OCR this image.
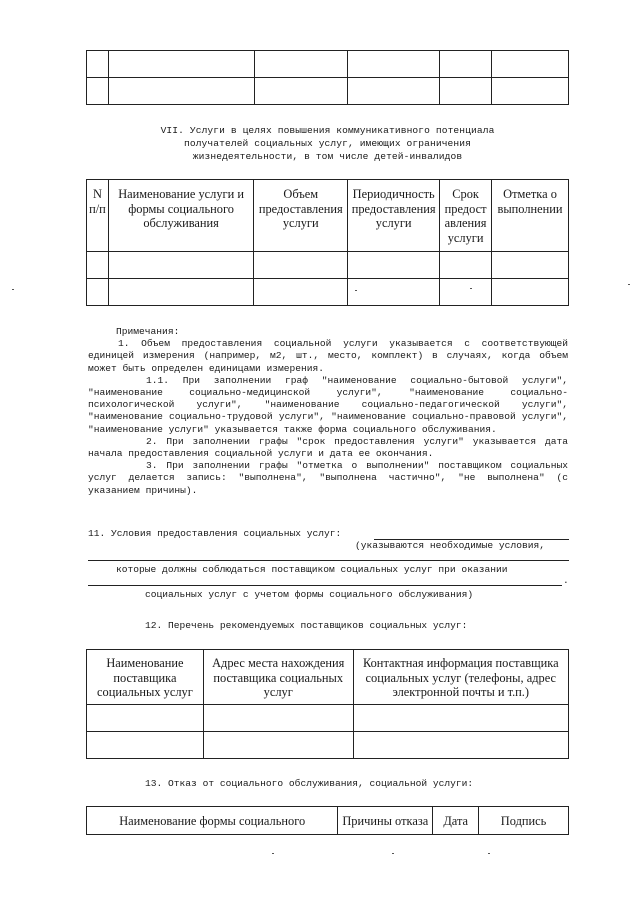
VII. Услуги в целях повышения коммуникативного потенциала
получателей социальных услуг, имеющих ограничения
жизнедеятельности, в том числе детей-инвалидов
N п/п	Наименование услуги и формы социального обслуживания	Объем предоставления услуги	Периодичность предоставления услуги	Срок предост авления услуги	Отметка о выполнении

Примечания:

1. Объем предоставления социальной услуги указывается с соответствующей единицей измерения (например, м2, шт., место, комплект) в случаях, когда объем может быть определен единицами измерения.

1.1. При заполнении граф "наименование социально-бытовой услуги", "наименование социально-медицинской услуги", "наименование социально-психологической услуги", "наименование социально-педагогической услуги", "наименование социально-трудовой услуги", "наименование социально-правовой услуги", "наименование услуги" указывается также форма социального обслуживания.

2. При заполнении графы "срок предоставления услуги" указывается дата начала предоставления социальной услуги и дата ее окончания.

3. При заполнении графы "отметка о выполнении" поставщиком социальных услуг делается запись: "выполнена", "выполнена частично", "не выполнена" (с указанием причины).

11. Условия предоставления социальных услуг:
(указываются необходимые условия,
которые должны соблюдаться поставщиком социальных услуг при оказании
.
социальных услуг с учетом формы социального обслуживания)
12. Перечень рекомендуемых поставщиков социальных услуг:
Наименование поставщика социальных услуг	Адрес места нахождения поставщика социальных услуг	Контактная информация поставщика социальных услуг (телефоны, адрес электронной почты и т.п.)

13. Отказ от социального обслуживания, социальной услуги:
Наименование формы социального	Причины отказа	Дата	Подпись
